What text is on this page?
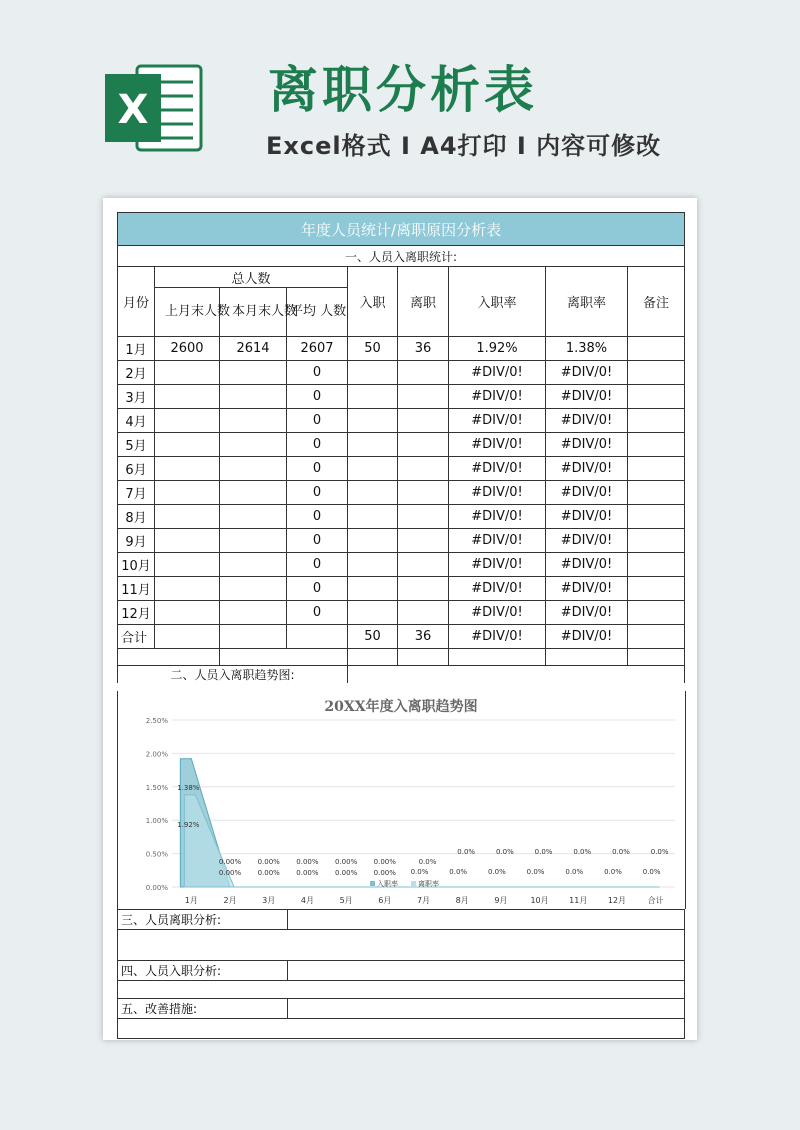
X 离职分析表
Excel格式 I A4打印 I 内容可修改
年度人员统计/离职原因分析表									
一、人员入离职统计:									
月份	总人数			入职	离职	入职率	离职率	备注	
	上月末人数	本月末人数	平均 人数						
1月	2600	2614	2607	50	36	1.92%	1.38%		
2月			0			#DIV/0!	#DIV/0!		
3月			0			#DIV/0!	#DIV/0!		
4月			0			#DIV/0!	#DIV/0!		
5月			0			#DIV/0!	#DIV/0!		
6月			0			#DIV/0!	#DIV/0!		
7月			0			#DIV/0!	#DIV/0!		
8月			0			#DIV/0!	#DIV/0!		
9月			0			#DIV/0!	#DIV/0!		
10月			0			#DIV/0!	#DIV/0!		
11月			0			#DIV/0!	#DIV/0!		
12月			0			#DIV/0!	#DIV/0!		
合计				50	36	#DIV/0!	#DIV/0!		

二、人员入离职趋势图:									
20XX年度入离职趋势图
0.00%
0.50%
1.00%
1.50%
2.00%
2.50%
1月	2月	3月	4月	5月	6月	7月	8月	9月	10月	11月	12月	合计
1.38%
1.92%
0.00%
0.00%
0.00%
0.00%
0.00%
0.00%
0.00%
0.00%
0.00%
0.00%
0.0%
0.0%
0.0%
0.0%
0.0%
0.0%
0.0%
0.0%
0.0%
0.0%
0.0%
0.0%
0.0%
0.0%
入职率	离职率
三、人员离职分析:	

四、人员入职分析:	

五、改善措施:	
